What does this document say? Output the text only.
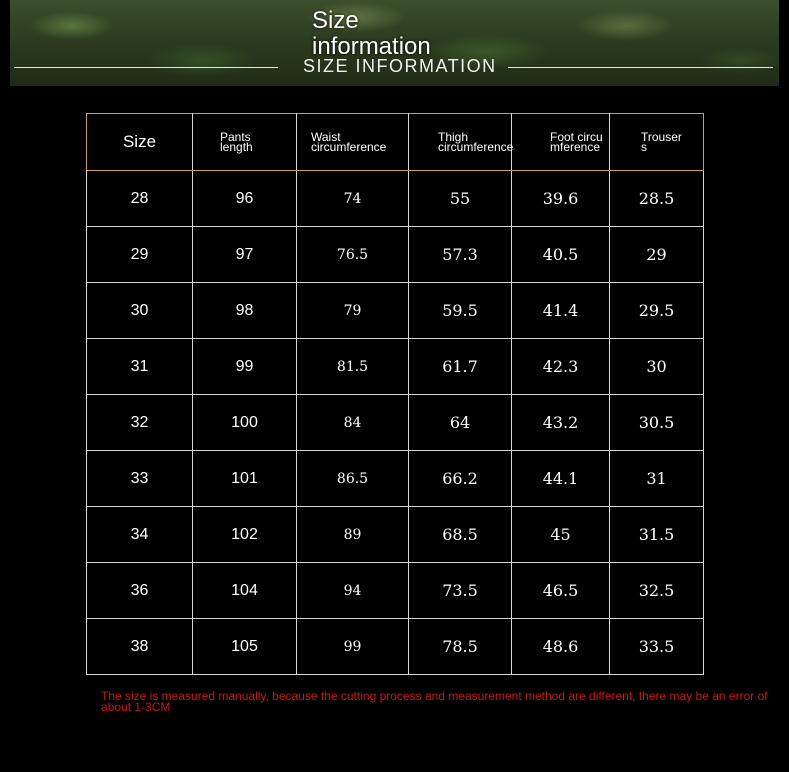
Size information
SIZE INFORMATION
Size	Pants length	Waist circumference	Thigh circumference	Foot circumference	Trousers

28	96	74	55	39.6	28.5
29	97	76.5	57.3	40.5	29
30	98	79	59.5	41.4	29.5
31	99	81.5	61.7	42.3	30
32	100	84	64	43.2	30.5
33	101	86.5	66.2	44.1	31
34	102	89	68.5	45	31.5
36	104	94	73.5	46.5	32.5
38	105	99	78.5	48.6	33.5
The size is measured manually, because the cutting process and measurement method are different, there may be an error of about 1-3CM
